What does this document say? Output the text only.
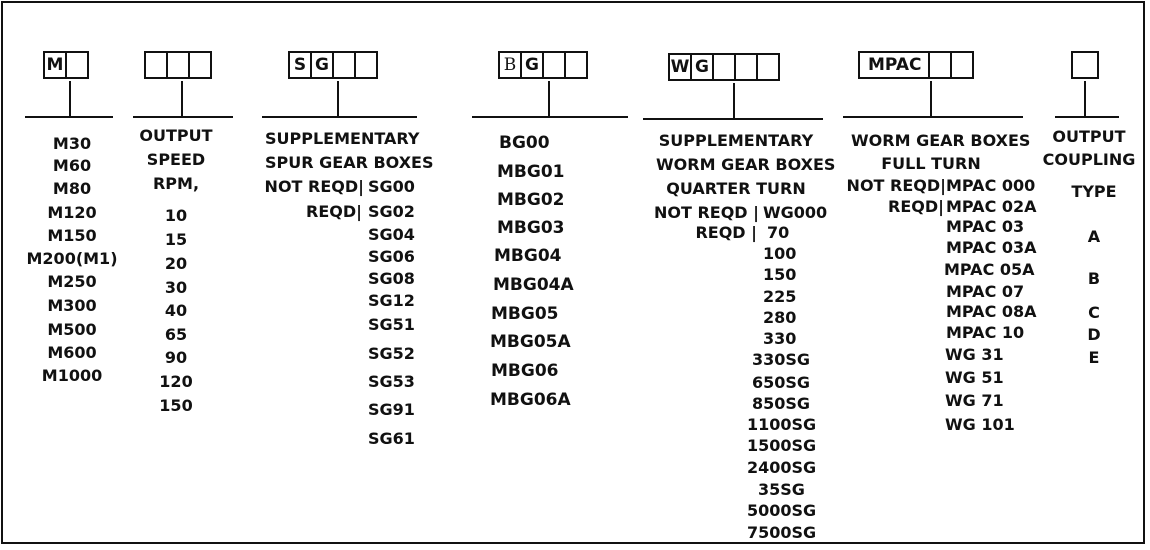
M
M30
M60
M80
M120
M150
M200(M1)
M250
M300
M500
M600
M1000
OUTPUT
SPEED
RPM,
10
15
20
30
40
65
90
120
150
S G
SUPPLEMENTARY
SPUR GEAR BOXES
NOT REQD|
REQD|
SG00
SG02
SG04
SG06
SG08
SG12
SG51
SG52
SG53
SG91
SG61
B G
BG00
MBG01
MBG02
MBG03
MBG04
MBG04A
MBG05
MBG05A
MBG06
MBG06A
W G
SUPPLEMENTARY
WORM GEAR BOXES
QUARTER TURN
NOT REQD |
REQD |
WG000
70
100
150
225
280
330
330SG
650SG
850SG
1100SG
1500SG
2400SG
35SG
5000SG
7500SG
MPAC
WORM GEAR BOXES
FULL TURN
NOT REQD|
REQD|
MPAC 000
MPAC 02A
MPAC 03
MPAC 03A
MPAC 05A
MPAC 07
MPAC 08A
MPAC 10
WG 31
WG 51
WG 71
WG 101
OUTPUT
COUPLING
TYPE
A
B
C
D
E
